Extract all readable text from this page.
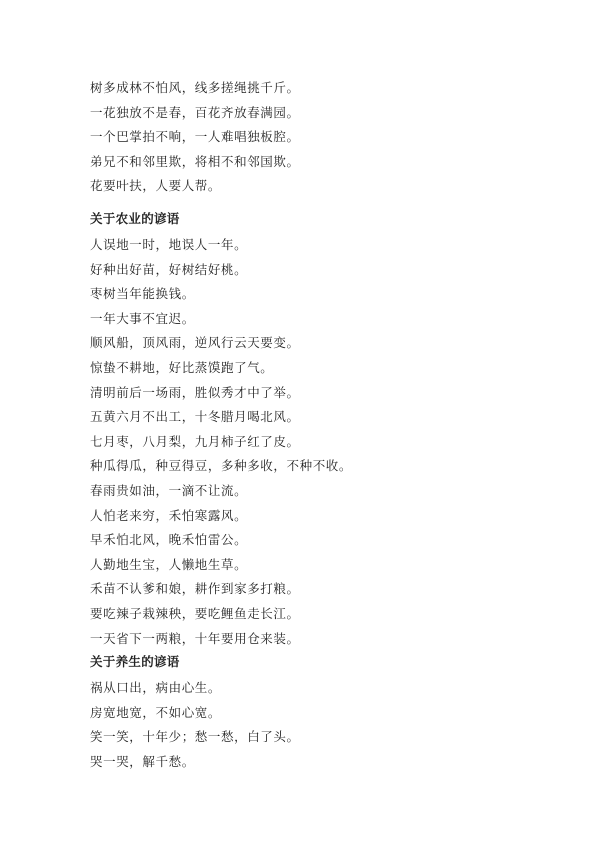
树多成林不怕风，线多搓绳挑千斤。
一花独放不是春，百花齐放春满园。
一个巴掌拍不响，一人难唱独板腔。
弟兄不和邻里欺，将相不和邻国欺。
花要叶扶，人要人帮。
关于农业的谚语
人误地一时，地误人一年。
好种出好苗，好树结好桃。
枣树当年能换钱。
一年大事不宜迟。
顺风船，顶风雨，逆风行云天要变。
惊蛰不耕地，好比蒸馍跑了气。
清明前后一场雨，胜似秀才中了举。
五黄六月不出工，十冬腊月喝北风。
七月枣，八月梨，九月柿子红了皮。
种瓜得瓜，种豆得豆，多种多收，不种不收。
春雨贵如油，一滴不让流。
人怕老来穷，禾怕寒露风。
早禾怕北风，晚禾怕雷公。
人勤地生宝，人懒地生草。
禾苗不认爹和娘，耕作到家多打粮。
要吃辣子栽辣秧，要吃鲤鱼走长江。
一天省下一两粮，十年要用仓来装。
关于养生的谚语
祸从口出，病由心生。
房宽地宽，不如心宽。
笑一笑，十年少；愁一愁，白了头。
哭一哭，解千愁。
